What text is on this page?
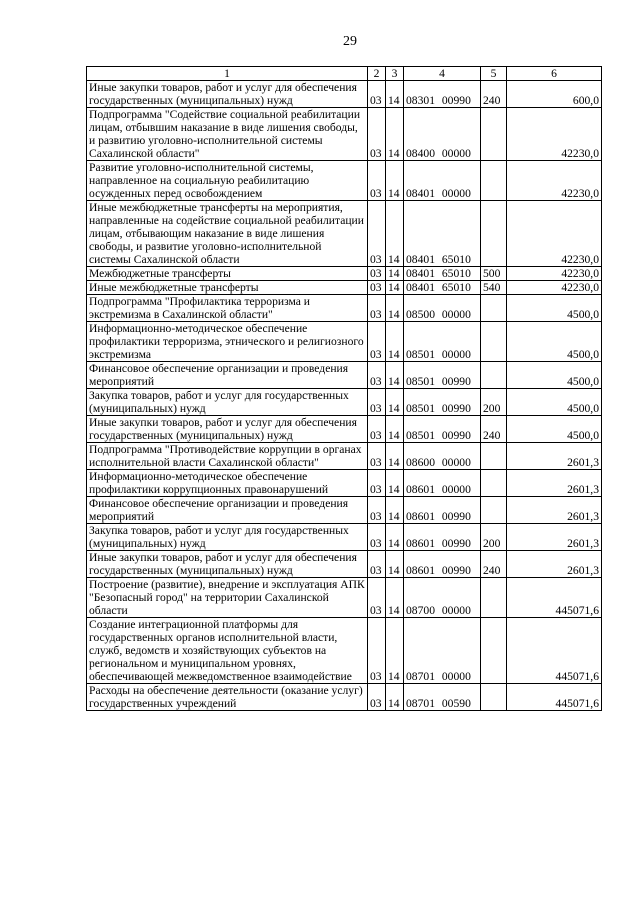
29
1	2	3	4	5	6
Иные закупки товаров, работ и услуг для обеспечения государственных (муниципальных) нужд	03	14	08301 00990	240	600,0
Подпрограмма "Содействие социальной реабилитации лицам, отбывшим наказание в виде лишения свободы, и развитию уголовно-исполнительной системы Сахалинской области"	03	14	08400 00000		42230,0
Развитие уголовно-исполнительной системы, направленное на социальную реабилитацию осужденных перед освобождением	03	14	08401 00000		42230,0
Иные межбюджетные трансферты на мероприятия, направленные на содействие социальной реабилитации лицам, отбывающим наказание в виде лишения свободы, и развитие уголовно-исполнительной системы Сахалинской области	03	14	08401 65010		42230,0
Межбюджетные трансферты	03	14	08401 65010	500	42230,0
Иные межбюджетные трансферты	03	14	08401 65010	540	42230,0
Подпрограмма "Профилактика терроризма и экстремизма в Сахалинской области"	03	14	08500 00000		4500,0
Информационно-методическое обеспечение профилактики терроризма, этнического и религиозного экстремизма	03	14	08501 00000		4500,0
Финансовое обеспечение организации и проведения мероприятий	03	14	08501 00990		4500,0
Закупка товаров, работ и услуг для государственных (муниципальных) нужд	03	14	08501 00990	200	4500,0
Иные закупки товаров, работ и услуг для обеспечения государственных (муниципальных) нужд	03	14	08501 00990	240	4500,0
Подпрограмма "Противодействие коррупции в органах исполнительной власти Сахалинской области"	03	14	08600 00000		2601,3
Информационно-методическое обеспечение профилактики коррупционных правонарушений	03	14	08601 00000		2601,3
Финансовое обеспечение организации и проведения мероприятий	03	14	08601 00990		2601,3
Закупка товаров, работ и услуг для государственных (муниципальных) нужд	03	14	08601 00990	200	2601,3
Иные закупки товаров, работ и услуг для обеспечения государственных (муниципальных) нужд	03	14	08601 00990	240	2601,3
Построение (развитие), внедрение и эксплуатация АПК "Безопасный город" на территории Сахалинской области	03	14	08700 00000		445071,6
Создание интеграционной платформы для государственных органов исполнительной власти, служб, ведомств и хозяйствующих субъектов на региональном и муниципальном уровнях, обеспечивающей межведомственное взаимодействие	03	14	08701 00000		445071,6
Расходы на обеспечение деятельности (оказание услуг) государственных учреждений	03	14	08701 00590		445071,6
